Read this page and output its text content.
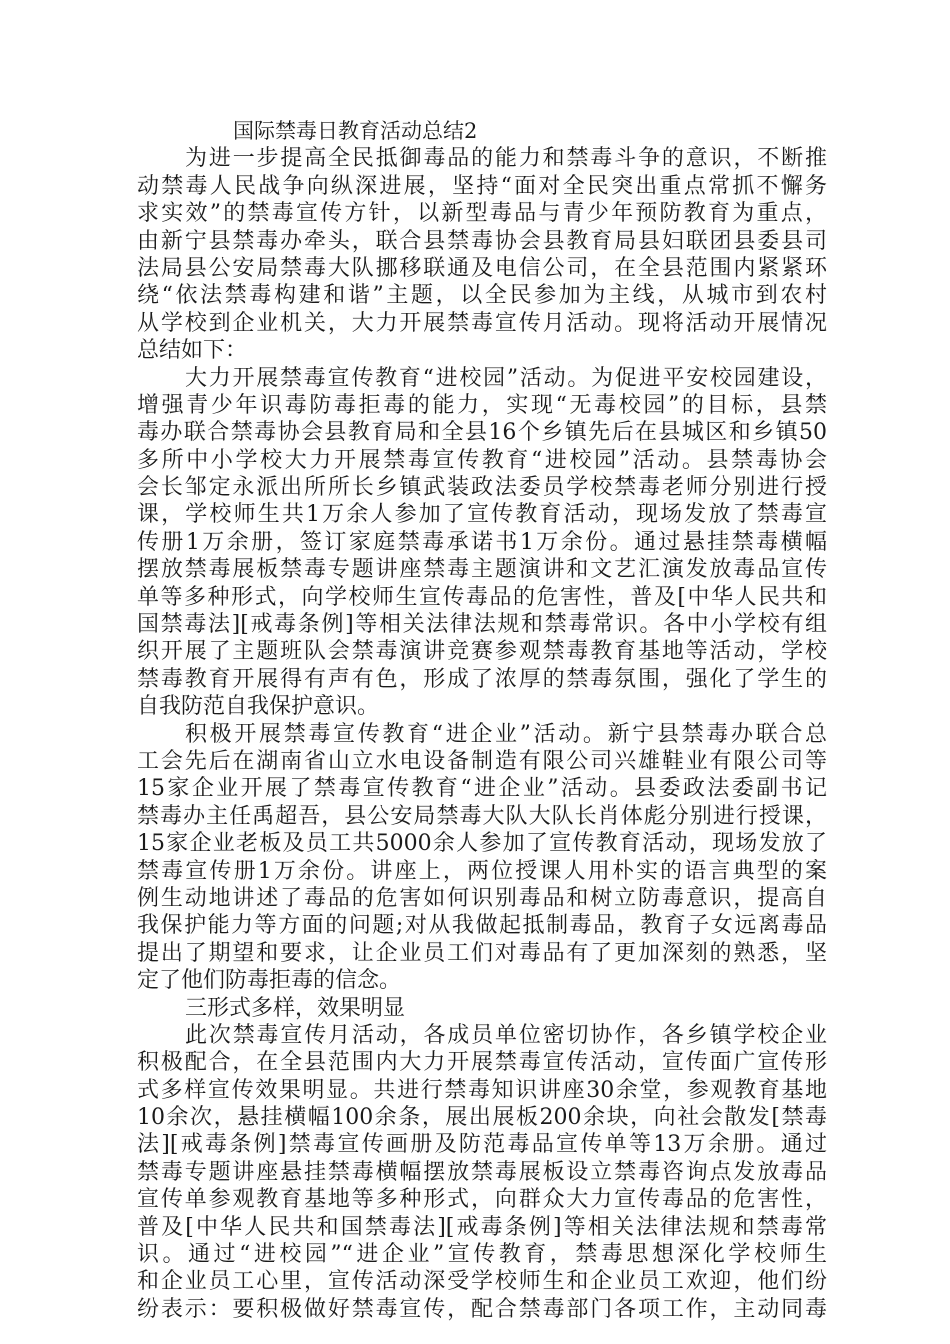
国际禁毒日教育活动总结2
为进一步提高全民抵御毒品的能力和禁毒斗争的意识，不断推
动禁毒人民战争向纵深进展，坚持“面对全民突出重点常抓不懈务
求实效”的禁毒宣传方针，以新型毒品与青少年预防教育为重点，
由新宁县禁毒办牵头，联合县禁毒协会县教育局县妇联团县委县司
法局县公安局禁毒大队挪移联通及电信公司，在全县范围内紧紧环
绕“依法禁毒构建和谐”主题，以全民参加为主线，从城市到农村
从学校到企业机关，大力开展禁毒宣传月活动。现将活动开展情况
总结如下：
大力开展禁毒宣传教育“进校园”活动。为促进平安校园建设，
增强青少年识毒防毒拒毒的能力，实现“无毒校园”的目标，县禁
毒办联合禁毒协会县教育局和全县16个乡镇先后在县城区和乡镇50
多所中小学校大力开展禁毒宣传教育“进校园”活动。县禁毒协会
会长邹定永派出所所长乡镇武装政法委员学校禁毒老师分别进行授
课，学校师生共1万余人参加了宣传教育活动，现场发放了禁毒宣
传册1万余册，签订家庭禁毒承诺书1万余份。通过悬挂禁毒横幅
摆放禁毒展板禁毒专题讲座禁毒主题演讲和文艺汇演发放毒品宣传
单等多种形式，向学校师生宣传毒品的危害性，普及[中华人民共和
国禁毒法][戒毒条例]等相关法律法规和禁毒常识。各中小学校有组
织开展了主题班队会禁毒演讲竞赛参观禁毒教育基地等活动，学校
禁毒教育开展得有声有色，形成了浓厚的禁毒氛围，强化了学生的
自我防范自我保护意识。
积极开展禁毒宣传教育“进企业”活动。新宁县禁毒办联合总
工会先后在湖南省山立水电设备制造有限公司兴雄鞋业有限公司等
15家企业开展了禁毒宣传教育“进企业”活动。县委政法委副书记
禁毒办主任禹超吾，县公安局禁毒大队大队长肖体彪分别进行授课，
15家企业老板及员工共5000余人参加了宣传教育活动，现场发放了
禁毒宣传册1万余份。讲座上，两位授课人用朴实的语言典型的案
例生动地讲述了毒品的危害如何识别毒品和树立防毒意识，提高自
我保护能力等方面的问题;对从我做起抵制毒品，教育子女远离毒品
提出了期望和要求，让企业员工们对毒品有了更加深刻的熟悉，坚
定了他们防毒拒毒的信念。
三形式多样，效果明显
此次禁毒宣传月活动，各成员单位密切协作，各乡镇学校企业
积极配合，在全县范围内大力开展禁毒宣传活动，宣传面广宣传形
式多样宣传效果明显。共进行禁毒知识讲座30余堂，参观教育基地
10余次，悬挂横幅100余条，展出展板200余块，向社会散发[禁毒
法][戒毒条例]禁毒宣传画册及防范毒品宣传单等13万余册。通过
禁毒专题讲座悬挂禁毒横幅摆放禁毒展板设立禁毒咨询点发放毒品
宣传单参观教育基地等多种形式，向群众大力宣传毒品的危害性，
普及[中华人民共和国禁毒法][戒毒条例]等相关法律法规和禁毒常
识。通过“进校园”“进企业”宣传教育，禁毒思想深化学校师生
和企业员工心里，宣传活动深受学校师生和企业员工欢迎，他们纷
纷表示：要积极做好禁毒宣传，配合禁毒部门各项工作，主动同毒
